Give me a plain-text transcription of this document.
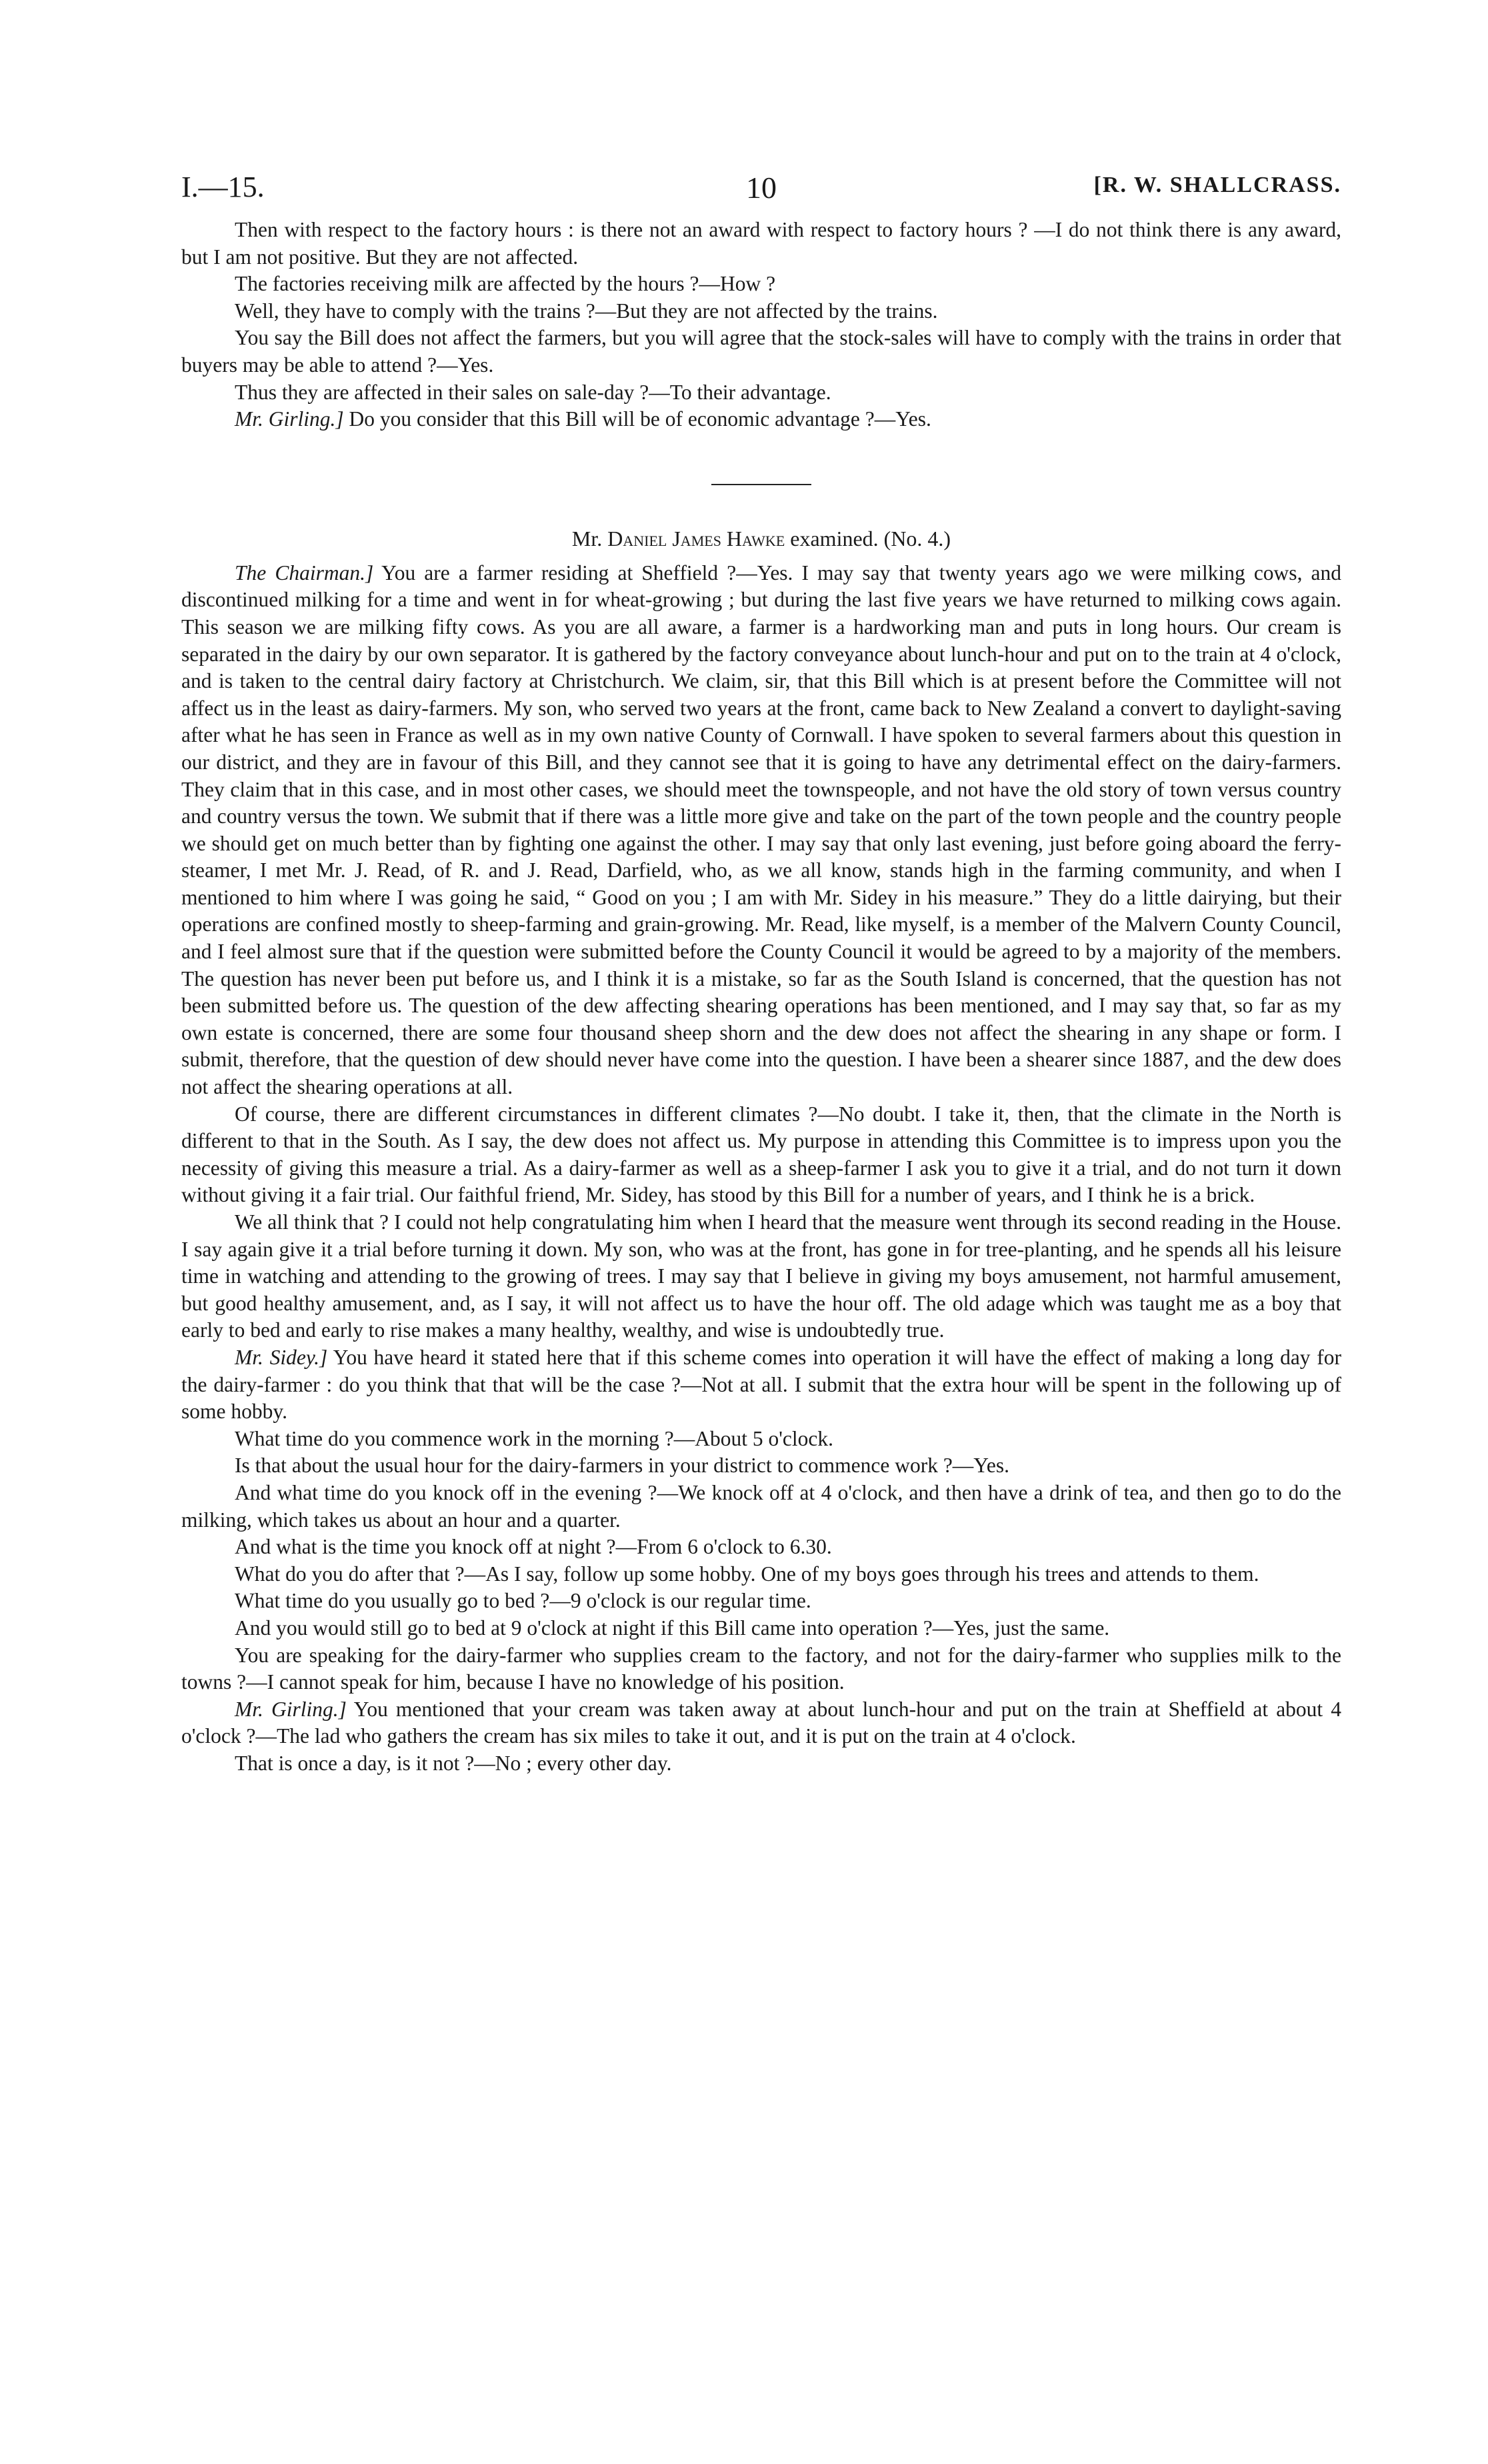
I.—15.	10	[R. W. SHALLCRASS.

Then with respect to the factory hours : is there not an award with respect to factory hours ? —I do not think there is any award, but I am not positive. But they are not affected.

The factories receiving milk are affected by the hours ?—How ?

Well, they have to comply with the trains ?—But they are not affected by the trains.

You say the Bill does not affect the farmers, but you will agree that the stock-sales will have to comply with the trains in order that buyers may be able to attend ?—Yes.

Thus they are affected in their sales on sale-day ?—To their advantage.

Mr. Girling.] Do you consider that this Bill will be of economic advantage ?—Yes.

Mr. Daniel James Hawke examined. (No. 4.)

The Chairman.] You are a farmer residing at Sheffield ?—Yes. I may say that twenty years ago we were milking cows, and discontinued milking for a time and went in for wheat-growing ; but during the last five years we have returned to milking cows again. This season we are milking fifty cows. As you are all aware, a farmer is a hardworking man and puts in long hours. Our cream is separated in the dairy by our own separator. It is gathered by the factory conveyance about lunch-hour and put on to the train at 4 o'clock, and is taken to the central dairy factory at Christchurch. We claim, sir, that this Bill which is at present before the Committee will not affect us in the least as dairy-farmers. My son, who served two years at the front, came back to New Zealand a convert to daylight-saving after what he has seen in France as well as in my own native County of Cornwall. I have spoken to several farmers about this question in our district, and they are in favour of this Bill, and they cannot see that it is going to have any detrimental effect on the dairy-farmers. They claim that in this case, and in most other cases, we should meet the townspeople, and not have the old story of town versus country and country versus the town. We submit that if there was a little more give and take on the part of the town people and the country people we should get on much better than by fighting one against the other. I may say that only last evening, just before going aboard the ferry-steamer, I met Mr. J. Read, of R. and J. Read, Darfield, who, as we all know, stands high in the farming community, and when I mentioned to him where I was going he said, “ Good on you ; I am with Mr. Sidey in his measure.” They do a little dairying, but their operations are confined mostly to sheep-farming and grain-growing. Mr. Read, like myself, is a member of the Malvern County Council, and I feel almost sure that if the question were submitted before the County Council it would be agreed to by a majority of the members. The question has never been put before us, and I think it is a mistake, so far as the South Island is concerned, that the question has not been submitted before us. The question of the dew affecting shearing operations has been mentioned, and I may say that, so far as my own estate is concerned, there are some four thousand sheep shorn and the dew does not affect the shearing in any shape or form. I submit, therefore, that the question of dew should never have come into the question. I have been a shearer since 1887, and the dew does not affect the shearing operations at all.

Of course, there are different circumstances in different climates ?—No doubt. I take it, then, that the climate in the North is different to that in the South. As I say, the dew does not affect us. My purpose in attending this Committee is to impress upon you the necessity of giving this measure a trial. As a dairy-farmer as well as a sheep-farmer I ask you to give it a trial, and do not turn it down without giving it a fair trial. Our faithful friend, Mr. Sidey, has stood by this Bill for a number of years, and I think he is a brick.

We all think that ? I could not help congratulating him when I heard that the measure went through its second reading in the House. I say again give it a trial before turning it down. My son, who was at the front, has gone in for tree-planting, and he spends all his leisure time in watching and attending to the growing of trees. I may say that I believe in giving my boys amusement, not harmful amusement, but good healthy amusement, and, as I say, it will not affect us to have the hour off. The old adage which was taught me as a boy that early to bed and early to rise makes a many healthy, wealthy, and wise is undoubtedly true.

Mr. Sidey.] You have heard it stated here that if this scheme comes into operation it will have the effect of making a long day for the dairy-farmer : do you think that that will be the case ?—Not at all. I submit that the extra hour will be spent in the following up of some hobby.

What time do you commence work in the morning ?—About 5 o'clock.

Is that about the usual hour for the dairy-farmers in your district to commence work ?—Yes.

And what time do you knock off in the evening ?—We knock off at 4 o'clock, and then have a drink of tea, and then go to do the milking, which takes us about an hour and a quarter.

And what is the time you knock off at night ?—From 6 o'clock to 6.30.

What do you do after that ?—As I say, follow up some hobby. One of my boys goes through his trees and attends to them.

What time do you usually go to bed ?—9 o'clock is our regular time.

And you would still go to bed at 9 o'clock at night if this Bill came into operation ?—Yes, just the same.

You are speaking for the dairy-farmer who supplies cream to the factory, and not for the dairy-farmer who supplies milk to the towns ?—I cannot speak for him, because I have no knowledge of his position.

Mr. Girling.] You mentioned that your cream was taken away at about lunch-hour and put on the train at Sheffield at about 4 o'clock ?—The lad who gathers the cream has six miles to take it out, and it is put on the train at 4 o'clock.

That is once a day, is it not ?—No ; every other day.
